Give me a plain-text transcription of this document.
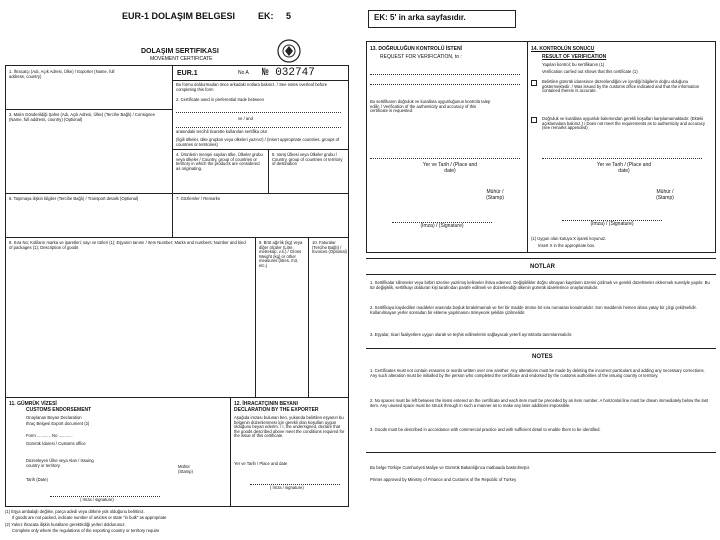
EUR-1 DOLAŞIM BELGESI	EK: 5
DOLAŞIM SERTIFIKASI
MOVEMENT CERTIFICATE
1. İhracatçı (Adı, Açık Adresi, Ülke) / Exporter (Name, full address, country)	EUR.1	No A № 032747
Bu formu doldurmadan önce arkadaki notlara bakınız. / See notes overleaf before completing this form
2. Certificate used in preferential trade between
ve / and
arasındaki tercihli ticarette kullanılan sertifika olur
(İlgili ülkeler, ülke grupları veya ülkeleri yazınız) / (Insert appropriate countries, groups of countries or territories)
3. Malın Gönderildiği Şahıs (Adı, Açık Adresi, Ülke) (Tercihe Bağlı) / Consignee (Name, full address, country) (Optional)
4. Ürünlerin menşei sayılan ülke, Ülkeler grubu veya ülkeler / Country, group of countries or territory in which the products are considered as originating.
5. Varış Ülkesi veya Ülkeler grubu / Country, group of countries or territory of destination
6. Taşımaya ilişkin bilgiler (Tercihe Bağlı) / Transport details (Optional)	7. Gözlemler / Remarks
8. Sıra No; Koliların marka ve işaretleri; sayı ve türleri (1); Eşyanın tanımı / Item Number; Marks and numbers; Number and kind of packages (1); Description of goods
9. Brüt ağırlık (kg) veya diğer ölçüler (Litre, metreküp, v.s.) / Gross Weight (kg) or other measures (litres, m3, etc.)
10. Faturalar (Tercihe Bağlı) / Invoices (Optional)
11. GÜMRÜK VİZESİ
CUSTOMS ENDORSEMENT
Onaylanan Beyan Declaration
Ihraç Belgesi Export document (2)
Form ............ No ............
Gümrük İdaresi / Customs office
Düzenleyen Ülke veya Alan / Issuing country or territory
Tarih (Date)
Mühür (Stamp)
( İmza / signature)
12. İHRACATÇININ BEYANI
DECLARATION BY THE EXPORTER
Aşağıda imzası bulunan ben, yukarıda belirtilen eşyanın bu belgenin düzenlenmesi için gerekli olan koşulları uygun olduğunu beyan ederim. / I, the undersigned, declare that the goods described above meet the conditions required for the issue of this certificate.
Yer ve Tarih / Place and date
( İmza / signature)
(1) Eşya ambalajlı değilse, parça adedi veya dökme yük olduğunu belirtiniz.
If goods are not packed, indicate number of articles or state "in bulk" as appropriate
(2) Yalnız ihracata ilişkin kuralların gerektirdiği yerleri doldurunuz.
Complete only where the regulations of the exporting country or territory require
EK: 5' in arka sayfasıdır.
13. DOĞRULUĞUN KONTROLÜ İSTENİ
REQUEST FOR VERIFICATION, to :
Bu sertifikanın doğruluk ve kurallara uygunluğunun kontrolü talep edilir. / Verification of the authenticity and accuracy of this certificate is requested.
Yer ve Tarih / (Place and date)
Mühür / (Stamp)
(İmza) / (Signature)
14. KONTROLÜN SONUCU
RESULT OF VERIFICATION
Yapılan kontrol; bu sertifikanın (1)
Verification carried out shows that this certificate (1)
Belirtilen gümrük idaresince düzenlendiğini ve içerdiği bilgilerin doğru olduğunu göstermektedir. / Was issued by the customs office indicated and that the information contained therein is accurate.
Doğruluk ve kurallara uygunluk bakımından gerekli koşulları karşılamamaktadır. (Ekteki açıklamalara bakınız.) / Does not meet the requirements as to authenticity and accuracy (see remarks appended)
Yer ve Tarih / (Place and date)
Mühür / (Stamp)
(İmza) / (Signature)
(1) Uygun olan kutuya X işareti koyunuz.
Insert X in the appropriate box.
NOTLAR
1. Sertifikalar silinmeler veya birbiri üzerine yazılmış kelimeler ihtiva edemez. Değişiklikler doğru olmayan kayıtların üzerini çizilmek ve gerekli düzeltmeler eklenmek suretiyle yapılır. Bu tür değişiklik, sertifikayı dolduran kişi tarafından parafe edilmeli ve düzenlendiği ülkenin gümrük idarelerince onaylanmalıdır.
2. Sertifikaya kaydedilen maddeler arasında boşluk bırakılmamalı ve her bir madde önüne bir sıra numarası konulmalıdır. Son maddenin hemen altına yatay bir çizgi çekilmelidir. Kullanılmayan yerler sonradan bir ekleme yapılmasını önleyecek şekilde çizilmelidir.
3. Eşyalar, ticari faaliyetlere uygun olarak ve teşhis edilmelerini sağlayacak yeterli ayrıntılarla tanımlanmalıdır.
NOTES
1. Certificates must not contain erasures or words written over one another. Any alterations must be made by deleting the incorrect particulars and adding any necessary corrections. Any such alteration must be initialled by the person who completed the certificate and endorsed by the customs authorities of the issuing country or territory.
2. No spaces must be left between the items entered on the certificate and each item must be preceded by an item number. A horizontal line must be drawn immediately below the last item. Any unused space must be struck through in such a manner as to make any later additions impossible.
3. Goods must be described in accordance with commercial practice and with sufficient detail to enable them to be identified.
Bu belge Türkiye Cumhuriyeti Maliye ve Gümrük Bakanlığınca matbaada bastırılmıştır.
Printer approved by Ministry of Finance and Customs of the Republic of Turkey
